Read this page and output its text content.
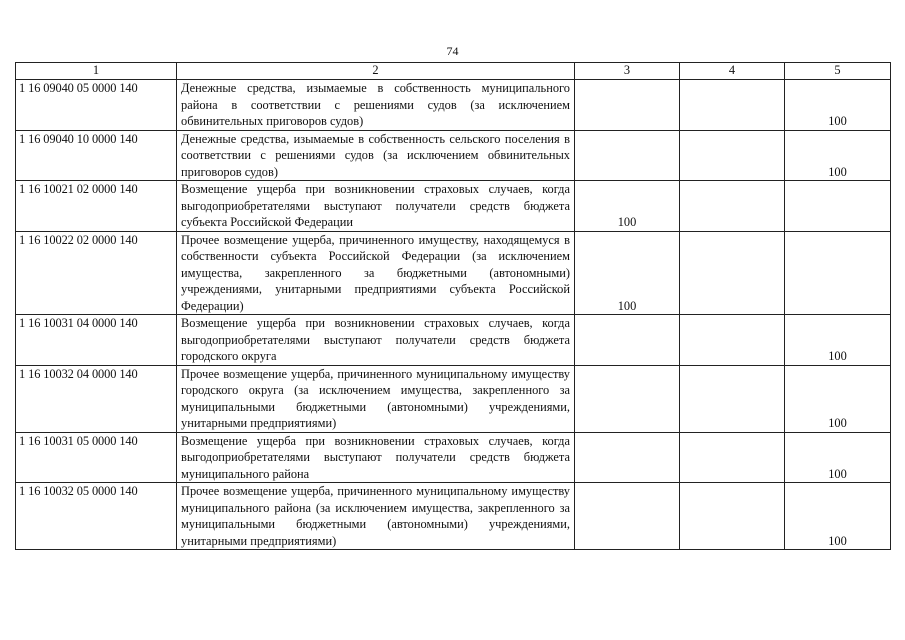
74
1	2	3	4	5
1 16 09040 05 0000 140	Денежные средства, изымаемые в собственность муниципального района в соответствии с решениями судов (за исключением обвинительных приговоров судов)			100
1 16 09040 10 0000 140	Денежные средства, изымаемые в собственность сельского поселения в соответствии с решениями судов (за исключением обвинительных приговоров судов)			100
1 16 10021 02 0000 140	Возмещение ущерба при возникновении страховых случаев, когда выгодоприобретателями выступают получатели средств бюджета субъекта Российской Федерации	100		
1 16 10022 02 0000 140	Прочее возмещение ущерба, причиненного имуществу, находящемуся в собственности субъекта Российской Федерации (за исключением имущества, закрепленного за бюджетными (автономными) учреждениями, унитарными предприятиями субъекта Российской Федерации)	100		
1 16 10031 04 0000 140	Возмещение ущерба при возникновении страховых случаев, когда выгодоприобретателями выступают получатели средств бюджета городского округа			100
1 16 10032 04 0000 140	Прочее возмещение ущерба, причиненного муниципальному имуществу городского округа (за исключением имущества, закрепленного за муниципальными бюджетными (автономными) учреждениями, унитарными предприятиями)			100
1 16 10031 05 0000 140	Возмещение ущерба при возникновении страховых случаев, когда выгодоприобретателями выступают получатели средств бюджета муниципального района			100
1 16 10032 05 0000 140	Прочее возмещение ущерба, причиненного муниципальному имуществу муниципального района (за исключением имущества, закрепленного за муниципальными бюджетными (автономными) учреждениями, унитарными предприятиями)			100
